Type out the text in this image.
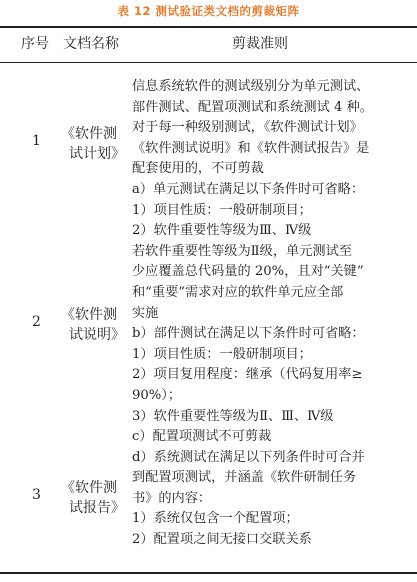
表 12 测试验证类文档的剪裁矩阵
序号 文档名称	剪裁准则
1 《软件测
试计划》
2 《软件测
试说明》
3 《软件测
试报告》
信息系统软件的测试级别分为单元测试、
部件测试、配置项测试和系统测试 4 种。
对于每一种级别测试，《软件测试计划》
《软件测试说明》和《软件测试报告》是
配套使用的，不可剪裁
a）单元测试在满足以下条件时可省略：
1）项目性质：一般研制项目；
2）软件重要性等级为Ⅲ、Ⅳ级
若软件重要性等级为Ⅱ级，单元测试至
少应覆盖总代码量的 20%，且对“关键”
和“重要”需求对应的软件单元应全部
实施
b）部件测试在满足以下条件时可省略：
1）项目性质：一般研制项目；
2）项目复用程度：继承（代码复用率≥
90%）；
3）软件重要性等级为Ⅱ、Ⅲ、Ⅳ级
c）配置项测试不可剪裁
d）系统测试在满足以下列条件时可合并
到配置项测试，并涵盖《软件研制任务
书》的内容：
1）系统仅包含一个配置项；
2）配置项之间无接口交联关系
